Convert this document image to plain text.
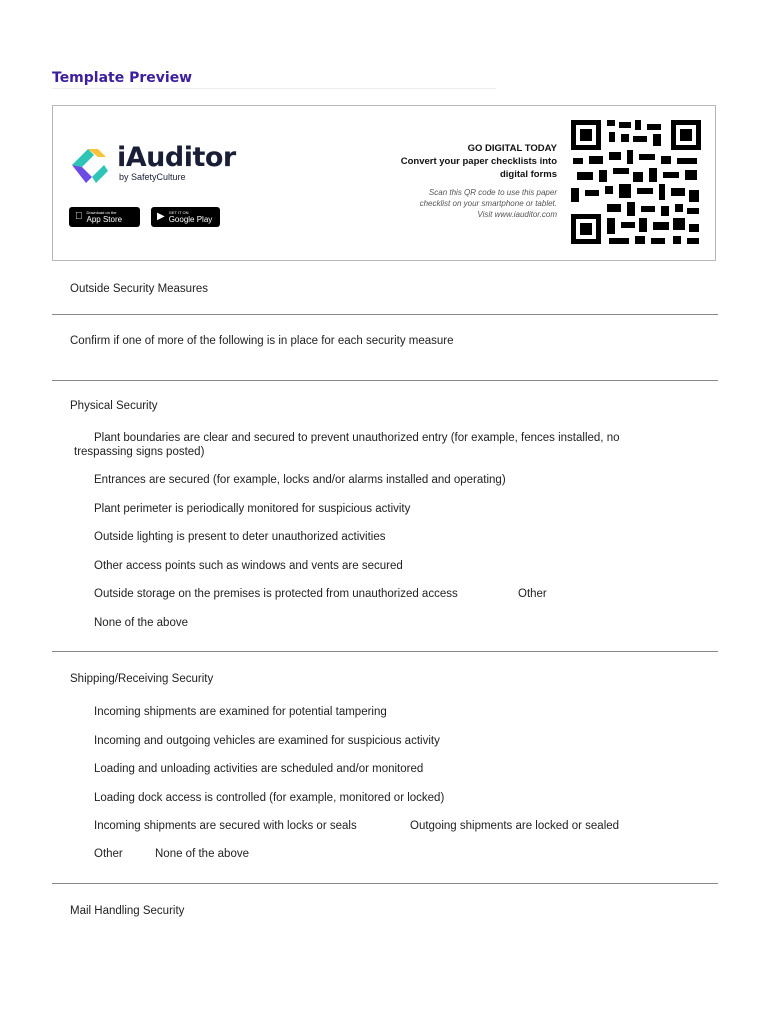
Template Preview
iAuditor
by SafetyCulture
Download on the
App Store	▶ GET IT ON
Google Play
GO DIGITAL TODAY
Convert your paper checklists into
digital forms
Scan this QR code to use this paper
checklist on your smartphone or tablet.
Visit www.iauditor.com
Outside Security Measures
Confirm if one of more of the following is in place for each security measure
Physical Security
Plant boundaries are clear and secured to prevent unauthorized entry (for example, fences installed, no
trespassing signs posted)
Entrances are secured (for example, locks and/or alarms installed and operating)
Plant perimeter is periodically monitored for suspicious activity
Outside lighting is present to deter unauthorized activities
Other access points such as windows and vents are secured
Outside storage on the premises is protected from unauthorized access	Other
None of the above
Shipping/Receiving Security
Incoming shipments are examined for potential tampering
Incoming and outgoing vehicles are examined for suspicious activity
Loading and unloading activities are scheduled and/or monitored
Loading dock access is controlled (for example, monitored or locked)
Incoming shipments are secured with locks or seals	Outgoing shipments are locked or sealed
Other	None of the above
Mail Handling Security
